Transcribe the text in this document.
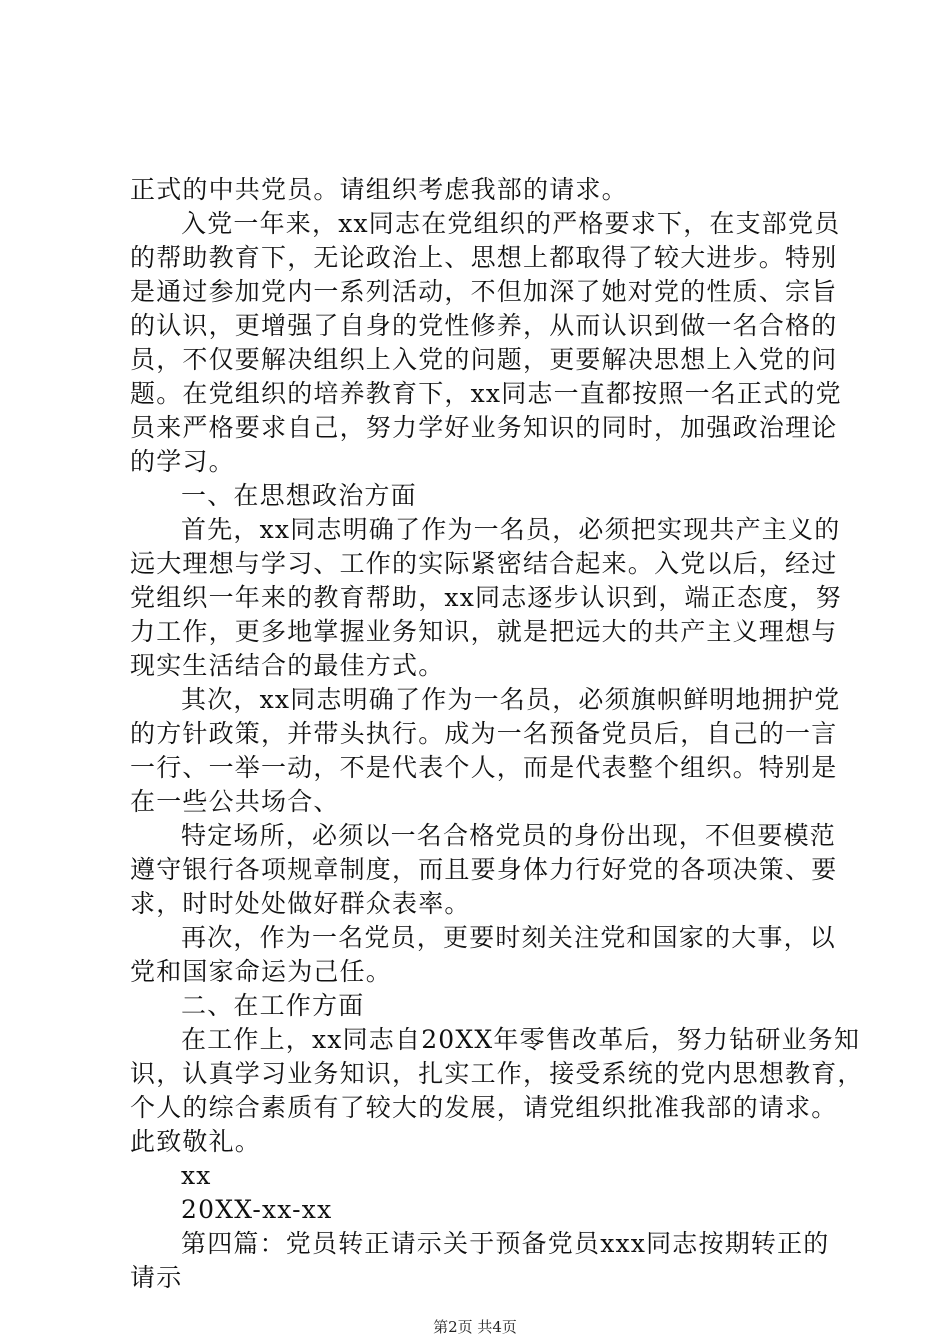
正式的中共党员。请组织考虑我部的请求。
入党一年来，xx同志在党组织的严格要求下，在支部党员
的帮助教育下，无论政治上、思想上都取得了较大进步。特别
是通过参加党内一系列活动，不但加深了她对党的性质、宗旨
的认识，更增强了自身的党性修养，从而认识到做一名合格的
员，不仅要解决组织上入党的问题，更要解决思想上入党的问
题。在党组织的培养教育下，xx同志一直都按照一名正式的党
员来严格要求自己，努力学好业务知识的同时，加强政治理论
的学习。
一、在思想政治方面
首先，xx同志明确了作为一名员，必须把实现共产主义的
远大理想与学习、工作的实际紧密结合起来。入党以后，经过
党组织一年来的教育帮助，xx同志逐步认识到，端正态度，努
力工作，更多地掌握业务知识，就是把远大的共产主义理想与
现实生活结合的最佳方式。
其次，xx同志明确了作为一名员，必须旗帜鲜明地拥护党
的方针政策，并带头执行。成为一名预备党员后，自己的一言
一行、一举一动，不是代表个人，而是代表整个组织。特别是
在一些公共场合、
特定场所，必须以一名合格党员的身份出现，不但要模范
遵守银行各项规章制度，而且要身体力行好党的各项决策、要
求，时时处处做好群众表率。
再次，作为一名党员，更要时刻关注党和国家的大事，以
党和国家命运为己任。
二、在工作方面
在工作上，xx同志自20XX年零售改革后，努力钻研业务知
识，认真学习业务知识，扎实工作，接受系统的党内思想教育，
个人的综合素质有了较大的发展，请党组织批准我部的请求。
此致敬礼。
xx
20XX-xx-xx
第四篇：党员转正请示关于预备党员xxx同志按期转正的
请示
第2页 共4页
